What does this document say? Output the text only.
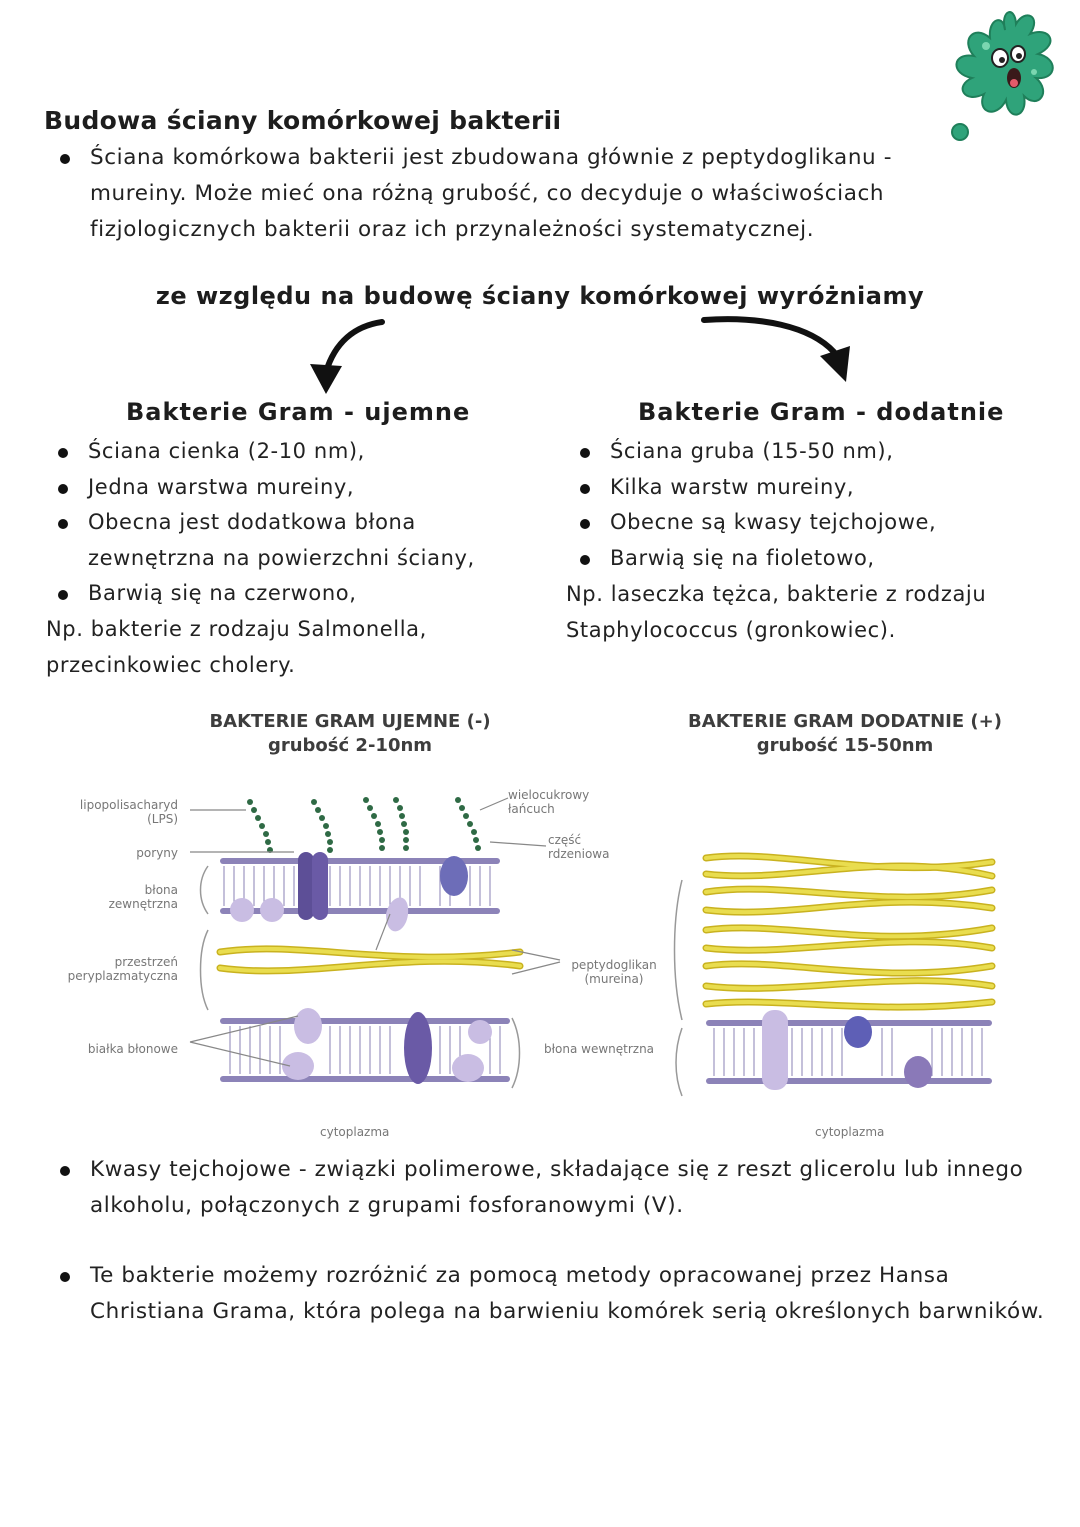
Budowa ściany komórkowej bakterii
Ściana komórkowa bakterii jest zbudowana głównie z peptydoglikanu - mureiny. Może mieć ona różną grubość, co decyduje o właściwościach fizjologicznych bakterii oraz ich przynależności systematycznej.
ze względu na budowę ściany komórkowej wyróżniamy
Bakterie Gram - ujemne
Ściana cienka (2-10 nm),
Jedna warstwa mureiny,
Obecna jest dodatkowa błona zewnętrzna na powierzchni ściany,
Barwią się na czerwono,
Np. bakterie z rodzaju Salmonella, przecinkowiec cholery.
Bakterie Gram - dodatnie
Ściana gruba (15-50 nm),
Kilka warstw mureiny,
Obecne są kwasy tejchojowe,
Barwią się na fioletowo,
Np. laseczka tężca, bakterie z rodzaju Staphylococcus (gronkowiec).
BAKTERIE GRAM UJEMNE (-)
grubość 2-10nm
BAKTERIE GRAM DODATNIE (+)
grubość 15-50nm
lipopolisacharyd
(LPS)
poryny
błona
zewnętrzna
przestrzeń
peryplazmatyczna
białka błonowe
wielocukrowy
łańcuch
część
rdzeniowa
peptydoglikan
(mureina)
błona wewnętrzna
cytoplazma	cytoplazma
Kwasy tejchojowe - związki polimerowe, składające się z reszt glicerolu lub innego alkoholu, połączonych z grupami fosforanowymi (V).
Te bakterie możemy rozróżnić za pomocą metody opracowanej przez Hansa Christiana Grama, która polega na barwieniu komórek serią określonych barwników.
